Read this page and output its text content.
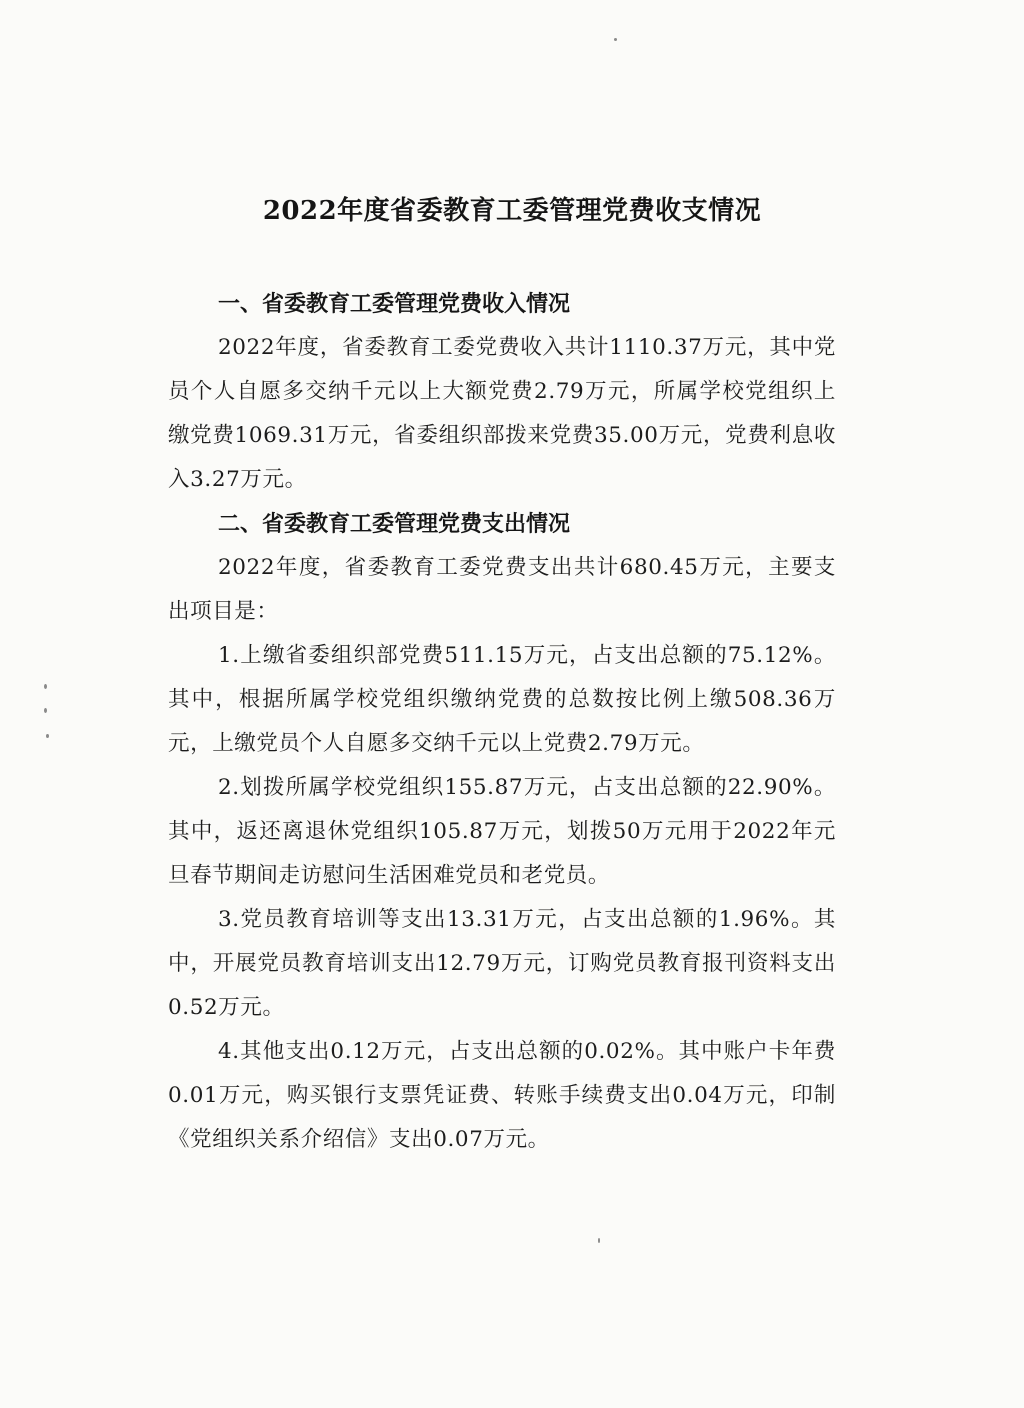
2022年度省委教育工委管理党费收支情况

一、省委教育工委管理党费收入情况

2022年度，省委教育工委党费收入共计1110.37万元，其中党员个人自愿多交纳千元以上大额党费2.79万元，所属学校党组织上缴党费1069.31万元，省委组织部拨来党费35.00万元，党费利息收入3.27万元。

二、省委教育工委管理党费支出情况

2022年度，省委教育工委党费支出共计680.45万元，主要支出项目是：

1.上缴省委组织部党费511.15万元，占支出总额的75.12%。其中，根据所属学校党组织缴纳党费的总数按比例上缴508.36万元，上缴党员个人自愿多交纳千元以上党费2.79万元。

2.划拨所属学校党组织155.87万元，占支出总额的22.90%。其中，返还离退休党组织105.87万元，划拨50万元用于2022年元旦春节期间走访慰问生活困难党员和老党员。

3.党员教育培训等支出13.31万元，占支出总额的1.96%。其中，开展党员教育培训支出12.79万元，订购党员教育报刊资料支出0.52万元。

4.其他支出0.12万元，占支出总额的0.02%。其中账户卡年费0.01万元，购买银行支票凭证费、转账手续费支出0.04万元，印制《党组织关系介绍信》支出0.07万元。
